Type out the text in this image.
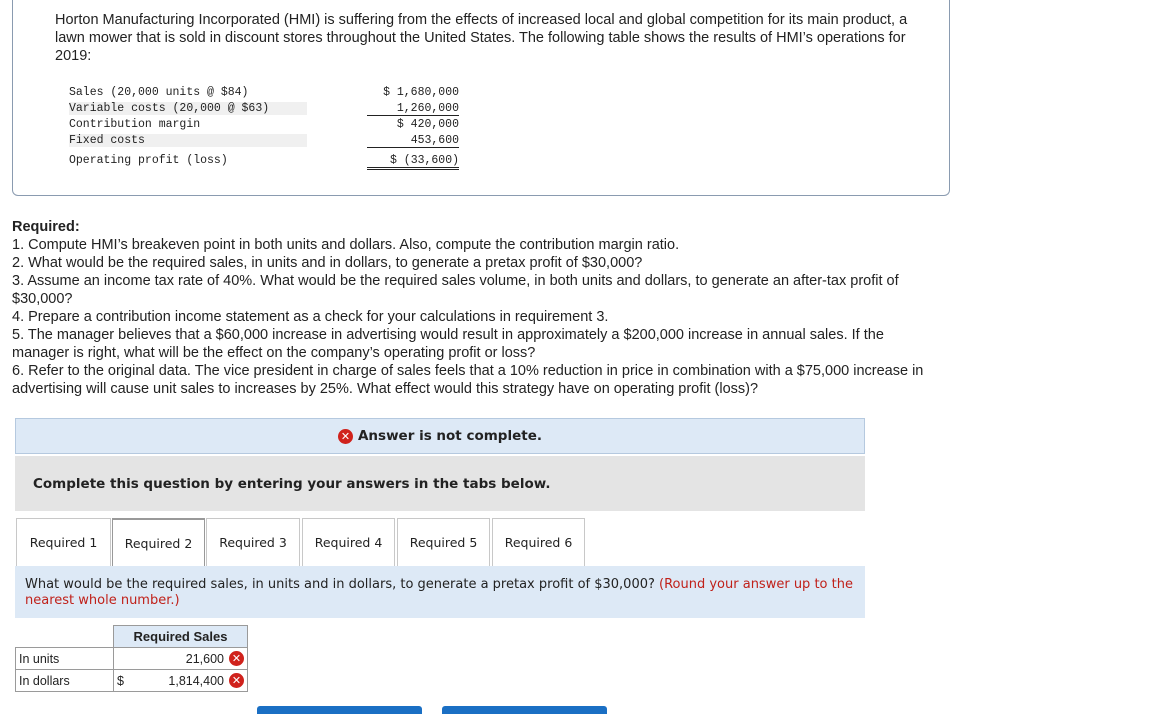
Horton Manufacturing Incorporated (HMI) is suffering from the effects of increased local and global competition for its main product, a lawn mower that is sold in discount stores throughout the United States. The following table shows the results of HMI’s operations for 2019:
Sales (20,000 units @ $84)	$ 1,680,000
Variable costs (20,000 @ $63)	1,260,000
Contribution margin	$ 420,000
Fixed costs	453,600
Operating profit (loss)	$ (33,600)
Required:
1. Compute HMI’s breakeven point in both units and dollars. Also, compute the contribution margin ratio.
2. What would be the required sales, in units and in dollars, to generate a pretax profit of $30,000?
3. Assume an income tax rate of 40%. What would be the required sales volume, in both units and dollars, to generate an after-tax profit of $30,000?
4. Prepare a contribution income statement as a check for your calculations in requirement 3.
5. The manager believes that a $60,000 increase in advertising would result in approximately a $200,000 increase in annual sales. If the manager is right, what will be the effect on the company’s operating profit or loss?
6. Refer to the original data. The vice president in charge of sales feels that a 10% reduction in price in combination with a $75,000 increase in advertising will cause unit sales to increases by 25%. What effect would this strategy have on operating profit (loss)?
✕ Answer is not complete.
Complete this question by entering your answers in the tabs below.
Required 1	Required 2	Required 3	Required 4	Required 5	Required 6
What would be the required sales, in units and in dollars, to generate a pretax profit of $30,000? (Round your answer up to the nearest whole number.)
	Required Sales	
In units	21,600 ✕	

In dollars	$	1,814,400 ✕
